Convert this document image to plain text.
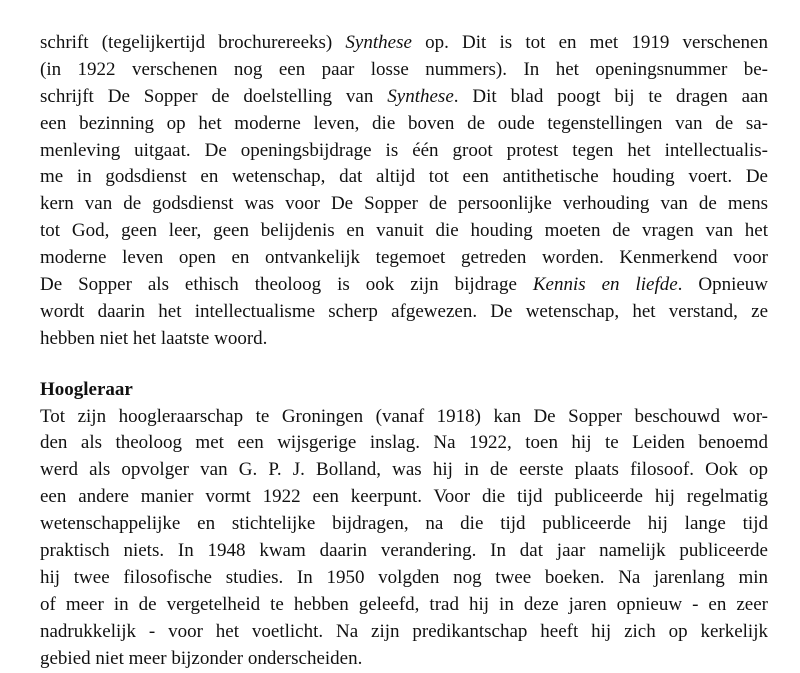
schrift (tegelijkertijd brochurereeks) Synthese op. Dit is tot en met 1919 verschenen
(in 1922 verschenen nog een paar losse nummers). In het openingsnummer be-
schrijft De Sopper de doelstelling van Synthese. Dit blad poogt bij te dragen aan
een bezinning op het moderne leven, die boven de oude tegenstellingen van de sa-
menleving uitgaat. De openingsbijdrage is één groot protest tegen het intellectualis-
me in godsdienst en wetenschap, dat altijd tot een antithetische houding voert. De
kern van de godsdienst was voor De Sopper de persoonlijke verhouding van de mens
tot God, geen leer, geen belijdenis en vanuit die houding moeten de vragen van het
moderne leven open en ontvankelijk tegemoet getreden worden. Kenmerkend voor
De Sopper als ethisch theoloog is ook zijn bijdrage Kennis en liefde. Opnieuw
wordt daarin het intellectualisme scherp afgewezen. De wetenschap, het verstand, ze
hebben niet het laatste woord.
Hoogleraar
Tot zijn hoogleraarschap te Groningen (vanaf 1918) kan De Sopper beschouwd wor-
den als theoloog met een wijsgerige inslag. Na 1922, toen hij te Leiden benoemd
werd als opvolger van G. P. J. Bolland, was hij in de eerste plaats filosoof. Ook op
een andere manier vormt 1922 een keerpunt. Voor die tijd publiceerde hij regelmatig
wetenschappelijke en stichtelijke bijdragen, na die tijd publiceerde hij lange tijd
praktisch niets. In 1948 kwam daarin verandering. In dat jaar namelijk publiceerde
hij twee filosofische studies. In 1950 volgden nog twee boeken. Na jarenlang min
of meer in de vergetelheid te hebben geleefd, trad hij in deze jaren opnieuw - en zeer
nadrukkelijk - voor het voetlicht. Na zijn predikantschap heeft hij zich op kerkelijk
gebied niet meer bijzonder onderscheiden.
